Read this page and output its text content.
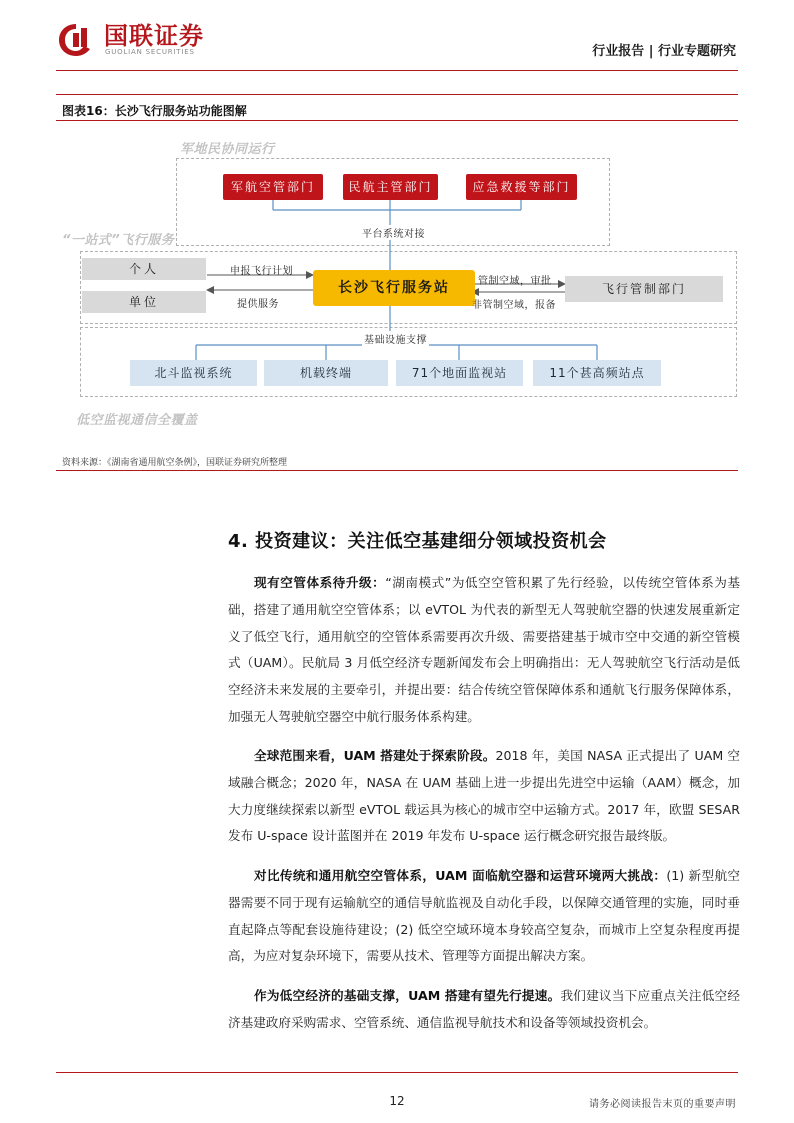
国联证券
GUOLIAN SECURITIES	行业报告 | 行业专题研究
图表16：长沙飞行服务站功能图解
军地民协同运行
“一站式”飞行服务
低空监视通信全覆盖
军航空管部门	民航主管部门	应急救援等部门
平台系统对接
个人
单位
申报飞行计划
提供服务
长沙飞行服务站	管制空域，审批
非管制空域，报备
飞行管制部门
基础设施支撑
北斗监视系统	机载终端	71个地面监视站	11个甚高频站点
资料来源：《湖南省通用航空条例》，国联证券研究所整理
4. 投资建议：关注低空基建细分领域投资机会
现有空管体系待升级：“湖南模式”为低空空管积累了先行经验，以传统空管体系为基础，搭建了通用航空空管体系；以 eVTOL 为代表的新型无人驾驶航空器的快速发展重新定义了低空飞行，通用航空的空管体系需要再次升级、需要搭建基于城市空中交通的新空管模式（UAM）。民航局 3 月低空经济专题新闻发布会上明确指出：无人驾驶航空飞行活动是低空经济未来发展的主要牵引，并提出要：结合传统空管保障体系和通航飞行服务保障体系，加强无人驾驶航空器空中航行服务体系构建。
全球范围来看，UAM 搭建处于探索阶段。2018 年，美国 NASA 正式提出了 UAM 空域融合概念；2020 年，NASA 在 UAM 基础上进一步提出先进空中运输（AAM）概念，加大力度继续探索以新型 eVTOL 载运具为核心的城市空中运输方式。2017 年，欧盟 SESAR 发布 U-space 设计蓝图并在 2019 年发布 U-space 运行概念研究报告最终版。
对比传统和通用航空空管体系，UAM 面临航空器和运营环境两大挑战：(1) 新型航空器需要不同于现有运输航空的通信导航监视及自动化手段，以保障交通管理的实施，同时垂直起降点等配套设施待建设；(2) 低空空域环境本身较高空复杂，而城市上空复杂程度再提高，为应对复杂环境下，需要从技术、管理等方面提出解决方案。
作为低空经济的基础支撑，UAM 搭建有望先行提速。我们建议当下应重点关注低空经济基建政府采购需求、空管系统、通信监视导航技术和设备等领域投资机会。
12	请务必阅读报告末页的重要声明
